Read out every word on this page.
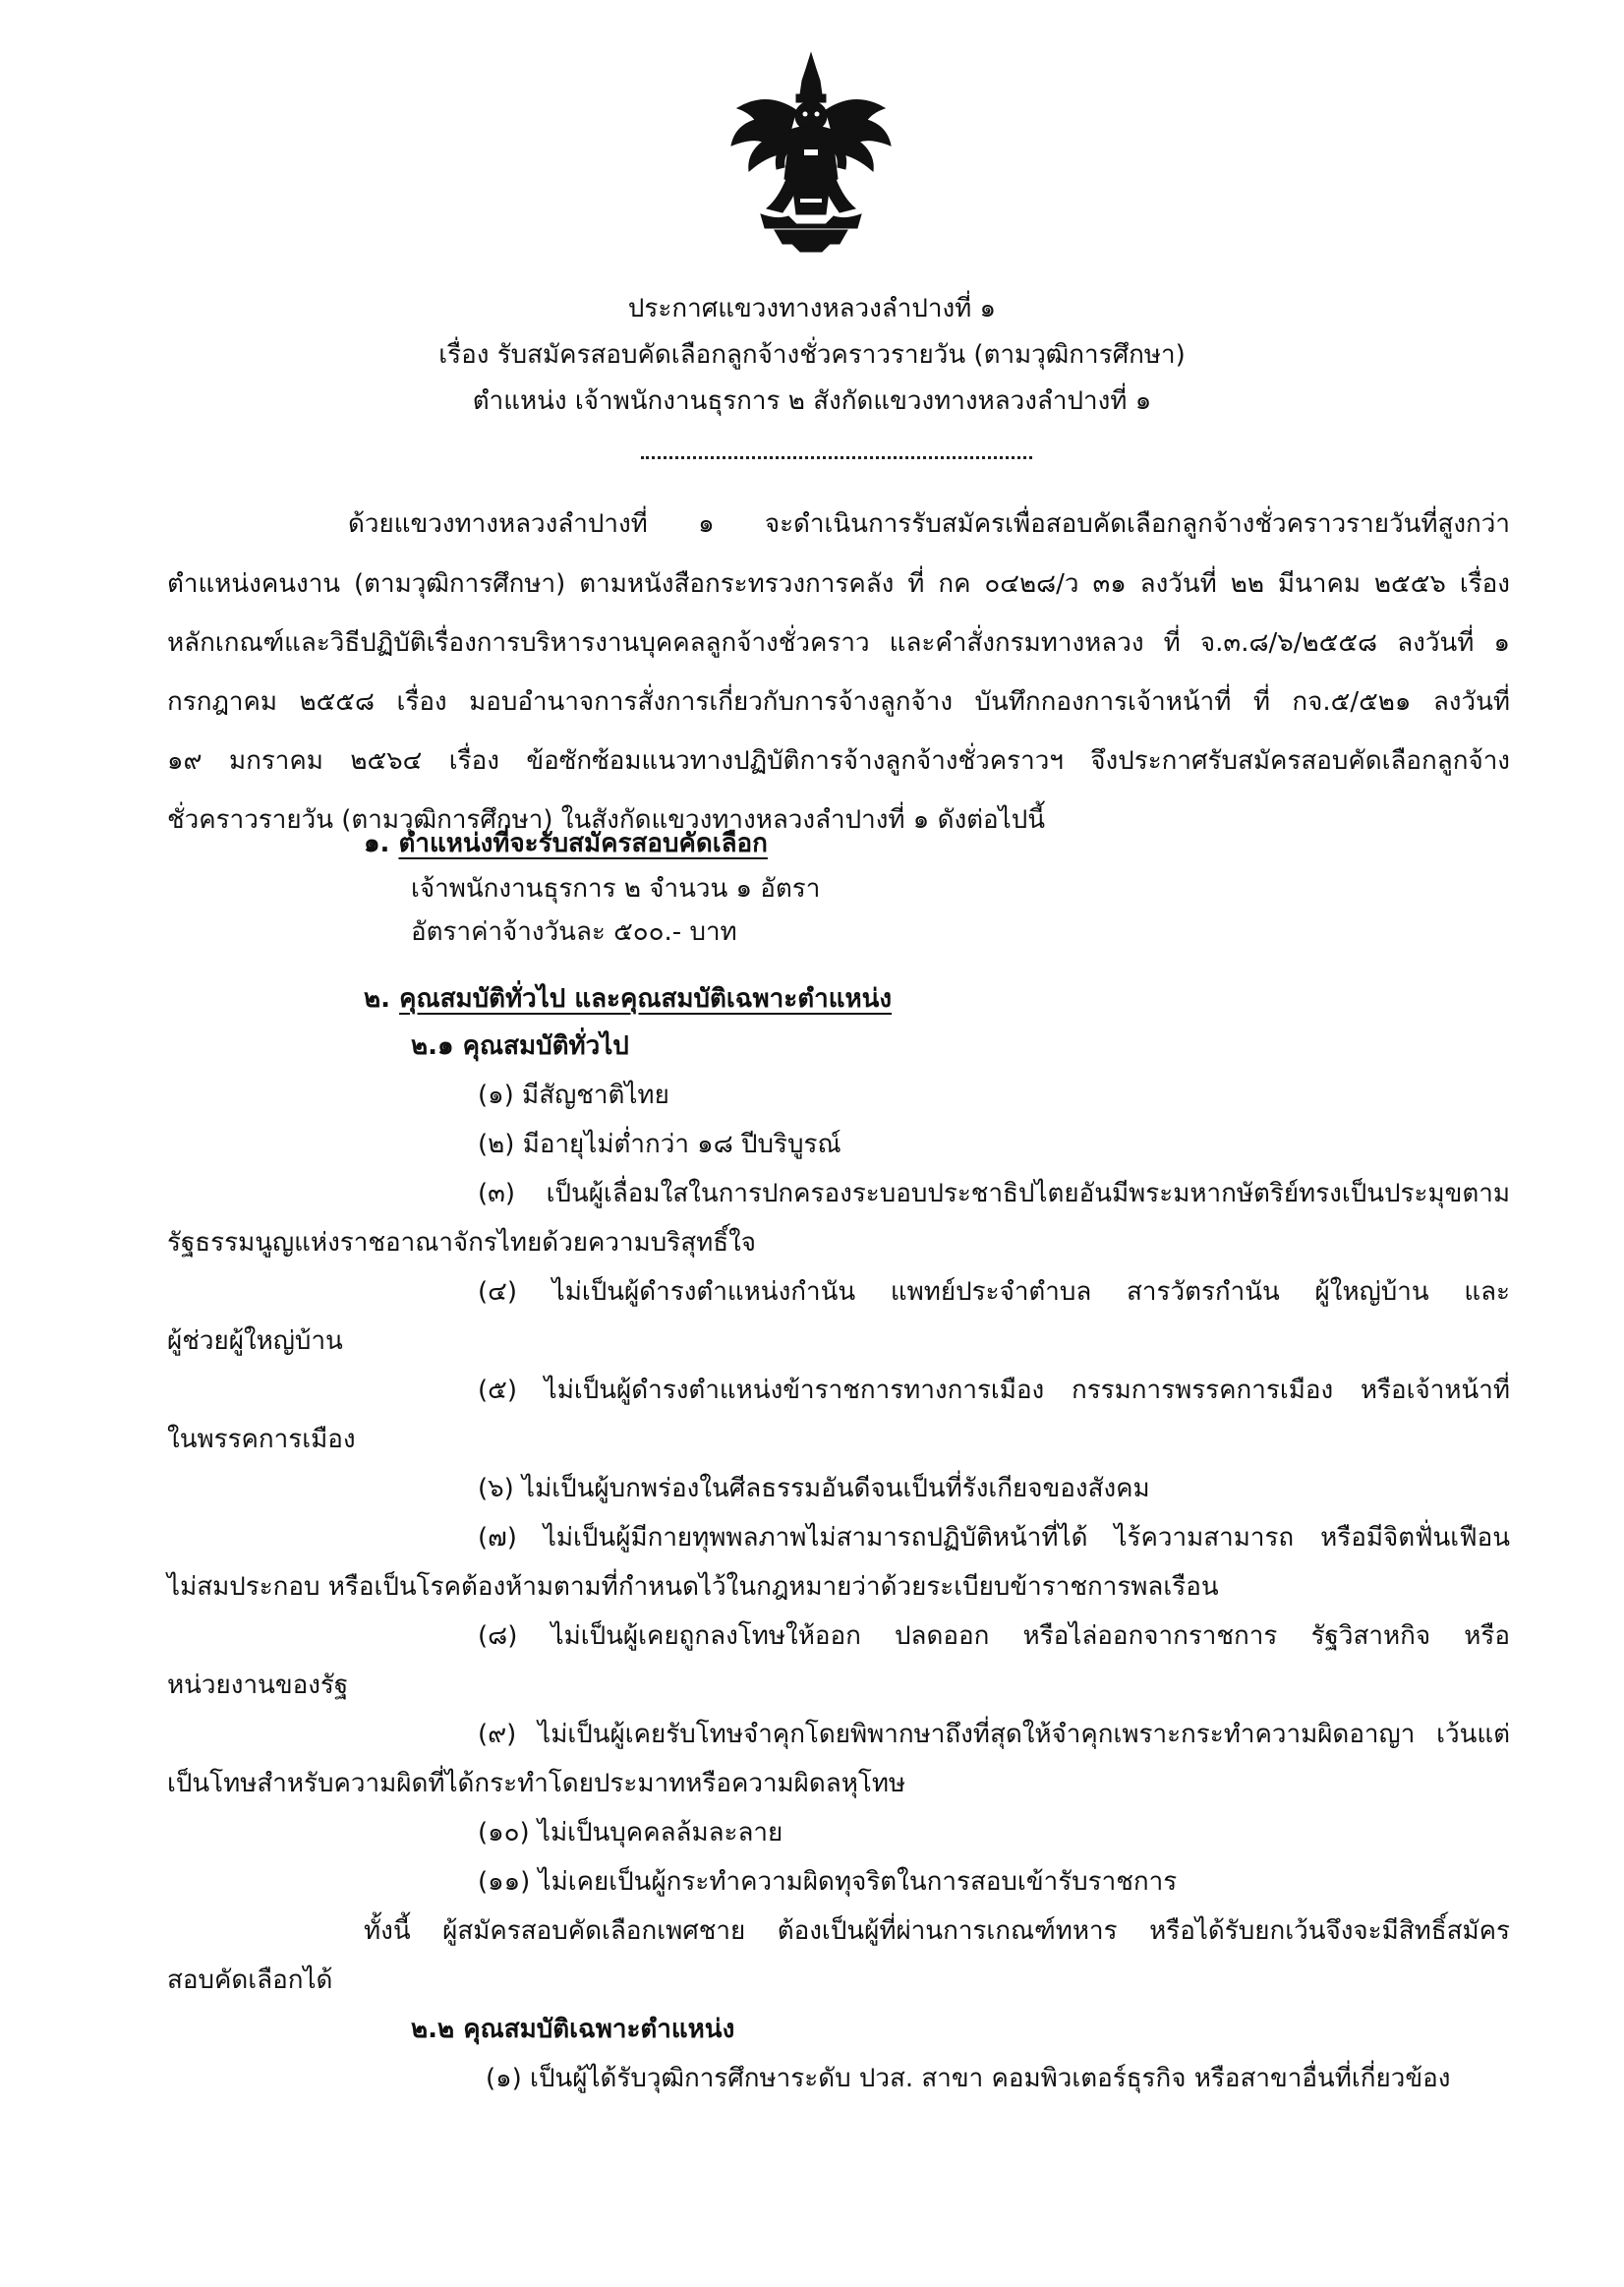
ประกาศแขวงทางหลวงลำปางที่ ๑
เรื่อง รับสมัครสอบคัดเลือกลูกจ้างชั่วคราวรายวัน (ตามวุฒิการศึกษา)
ตำแหน่ง เจ้าพนักงานธุรการ ๒ สังกัดแขวงทางหลวงลำปางที่ ๑
ด้วยแขวงทางหลวงลำปางที่ ๑ จะดำเนินการรับสมัครเพื่อสอบคัดเลือกลูกจ้างชั่วคราวรายวันที่สูงกว่า
ตำแหน่งคนงาน (ตามวุฒิการศึกษา) ตามหนังสือกระทรวงการคลัง ที่ กค ๐๔๒๘/ว ๓๑ ลงวันที่ ๒๒ มีนาคม ๒๕๕๖ เรื่อง
หลักเกณฑ์และวิธีปฏิบัติเรื่องการบริหารงานบุคคลลูกจ้างชั่วคราว และคำสั่งกรมทางหลวง ที่ จ.๓.๘/๖/๒๕๕๘ ลงวันที่ ๑
กรกฎาคม ๒๕๕๘ เรื่อง มอบอำนาจการสั่งการเกี่ยวกับการจ้างลูกจ้าง บันทึกกองการเจ้าหน้าที่ ที่ กจ.๕/๕๒๑ ลงวันที่
๑๙ มกราคม ๒๕๖๔ เรื่อง ข้อซักซ้อมแนวทางปฏิบัติการจ้างลูกจ้างชั่วคราวฯ จึงประกาศรับสมัครสอบคัดเลือกลูกจ้าง
ชั่วคราวรายวัน (ตามวุฒิการศึกษา) ในสังกัดแขวงทางหลวงลำปางที่ ๑ ดังต่อไปนี้
๑. ตำแหน่งที่จะรับสมัครสอบคัดเลือก
เจ้าพนักงานธุรการ ๒ จำนวน ๑ อัตรา
อัตราค่าจ้างวันละ ๕๐๐.- บาท
๒. คุณสมบัติทั่วไป และคุณสมบัติเฉพาะตำแหน่ง
๒.๑ คุณสมบัติทั่วไป
(๑) มีสัญชาติไทย
(๒) มีอายุไม่ต่ำกว่า ๑๘ ปีบริบูรณ์
(๓) เป็นผู้เลื่อมใสในการปกครองระบอบประชาธิปไตยอันมีพระมหากษัตริย์ทรงเป็นประมุขตาม
รัฐธรรมนูญแห่งราชอาณาจักรไทยด้วยความบริสุทธิ์ใจ
(๔) ไม่เป็นผู้ดำรงตำแหน่งกำนัน แพทย์ประจำตำบล สารวัตรกำนัน ผู้ใหญ่บ้าน และ
ผู้ช่วยผู้ใหญ่บ้าน
(๕) ไม่เป็นผู้ดำรงตำแหน่งข้าราชการทางการเมือง กรรมการพรรคการเมือง หรือเจ้าหน้าที่
ในพรรคการเมือง
(๖) ไม่เป็นผู้บกพร่องในศีลธรรมอันดีจนเป็นที่รังเกียจของสังคม
(๗) ไม่เป็นผู้มีกายทุพพลภาพไม่สามารถปฏิบัติหน้าที่ได้ ไร้ความสามารถ หรือมีจิตฟั่นเฟือน
ไม่สมประกอบ หรือเป็นโรคต้องห้ามตามที่กำหนดไว้ในกฎหมายว่าด้วยระเบียบข้าราชการพลเรือน
(๘) ไม่เป็นผู้เคยถูกลงโทษให้ออก ปลดออก หรือไล่ออกจากราชการ รัฐวิสาหกิจ หรือ
หน่วยงานของรัฐ
(๙) ไม่เป็นผู้เคยรับโทษจำคุกโดยพิพากษาถึงที่สุดให้จำคุกเพราะกระทำความผิดอาญา เว้นแต่
เป็นโทษสำหรับความผิดที่ได้กระทำโดยประมาทหรือความผิดลหุโทษ
(๑๐) ไม่เป็นบุคคลล้มละลาย
(๑๑) ไม่เคยเป็นผู้กระทำความผิดทุจริตในการสอบเข้ารับราชการ
ทั้งนี้ ผู้สมัครสอบคัดเลือกเพศชาย ต้องเป็นผู้ที่ผ่านการเกณฑ์ทหาร หรือได้รับยกเว้นจึงจะมีสิทธิ์สมัคร
สอบคัดเลือกได้
๒.๒ คุณสมบัติเฉพาะตำแหน่ง
(๑) เป็นผู้ได้รับวุฒิการศึกษาระดับ ปวส. สาขา คอมพิวเตอร์ธุรกิจ หรือสาขาอื่นที่เกี่ยวข้อง
